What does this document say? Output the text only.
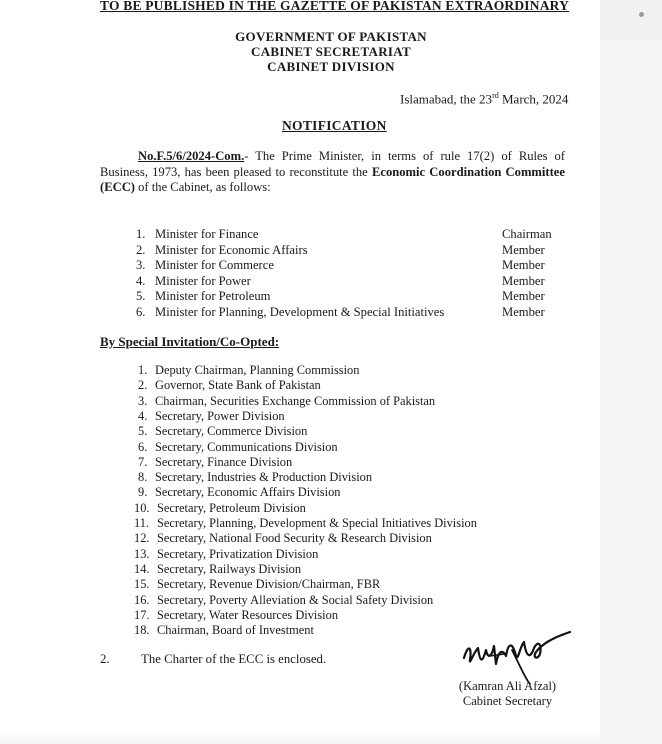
TO BE PUBLISHED IN THE GAZETTE OF PAKISTAN EXTRAORDINARY
GOVERNMENT OF PAKISTAN
CABINET SECRETARIAT
CABINET DIVISION
Islamabad, the 23rd March, 2024
NOTIFICATION
No.F.5/6/2024-Com.- The Prime Minister, in terms of rule 17(2) of Rules of Business, 1973, has been pleased to reconstitute the Economic Coordination Committee (ECC) of the Cabinet, as follows:
1. Minister for Finance	Chairman
2. Minister for Economic Affairs	Member
3. Minister for Commerce	Member
4. Minister for Power	Member
5. Minister for Petroleum	Member
6. Minister for Planning, Development & Special Initiatives	Member
By Special Invitation/Co-Opted:
1. Deputy Chairman, Planning Commission
2. Governor, State Bank of Pakistan
3. Chairman, Securities Exchange Commission of Pakistan
4. Secretary, Power Division
5. Secretary, Commerce Division
6. Secretary, Communications Division
7. Secretary, Finance Division
8. Secretary, Industries & Production Division
9. Secretary, Economic Affairs Division
10. Secretary, Petroleum Division
11. Secretary, Planning, Development & Special Initiatives Division
12. Secretary, National Food Security & Research Division
13. Secretary, Privatization Division
14. Secretary, Railways Division
15. Secretary, Revenue Division/Chairman, FBR
16. Secretary, Poverty Alleviation & Social Safety Division
17. Secretary, Water Resources Division
18. Chairman, Board of Investment
2. The Charter of the ECC is enclosed.
(Kamran Ali Afzal)
Cabinet Secretary
